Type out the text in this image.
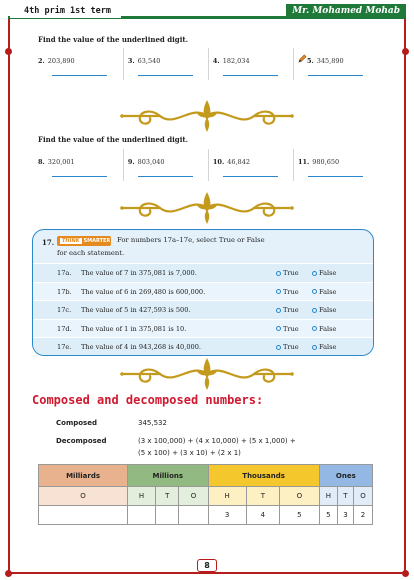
4th prim 1st term	Mr. Mohamed Mohab
Find the value of the underlined digit.
2. 203,890	3. 63,540	4. 182,034	5. 345,890
Find the value of the underlined digit.
8. 320,001	9. 803,040	10. 46,842	11. 980,650
17.	THINK SMARTER For numbers 17a–17e, select True or False
for each statement.
17a. The value of 7 in 375,081 is 7,000.	True	False
17b. The value of 6 in 269,480 is 600,000.	True	False
17c. The value of 5 in 427,593 is 500.	True	False
17d. The value of 1 in 375,081 is 10.	True	False
17e. The value of 4 in 943,268 is 40,000.	True	False
Composed and decomposed numbers:
Composed	345,532
Decomposed	(3 x 100,000) + (4 x 10,000) + (5 x 1,000) +
(5 x 100) + (3 x 10) + (2 x 1)
Milliards	Millions			Thousands			Ones		
O	H	T	O	H	T	O	H	T	O
				3	4	5	5	3	2
8
